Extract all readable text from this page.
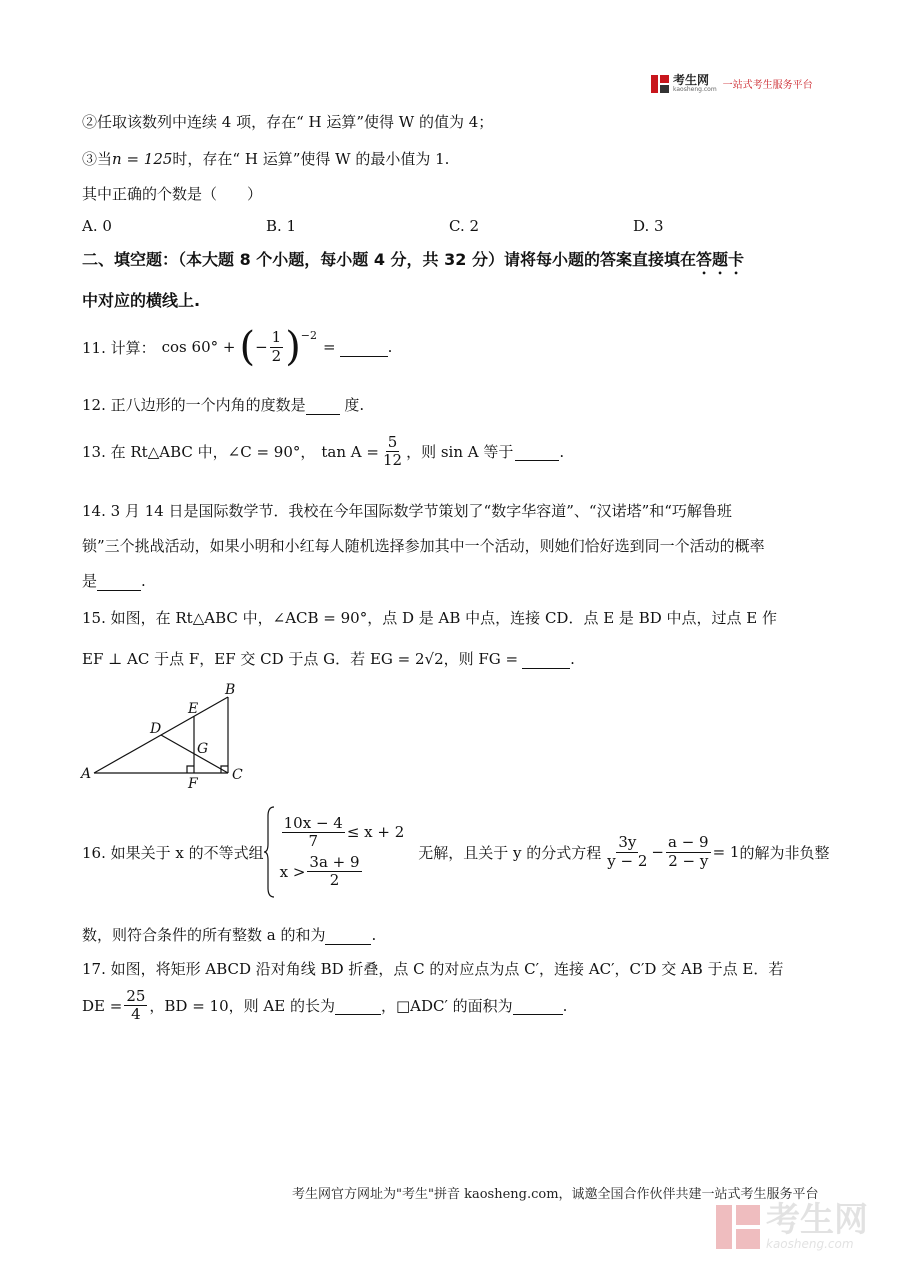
考生网
kaosheng.com 一站式考生服务平台
②任取该数列中连续 4 项，存在“ H 运算”使得 W 的值为 4；
③当n = 125时，存在“ H 运算”使得 W 的最小值为 1.
其中正确的个数是（　　）
A. 0	B. 1	C. 2	D. 3
二、填空题：（本大题 8 个小题，每小题 4 分，共 32 分）请将每小题的答案直接填在答题卡
中对应的横线上.
11. 计算： cos 60° + ( − $\frac{1}{2}$ ) −2
=
	.
12. 正八边形的一个内角的度数是	度.
13. 在 Rt△ABC 中， ∠C = 90°， $\tan A = \frac{5}{12}$ ，则 sin A 等于
	.
14. 3 月 14 日是国际数学节．我校在今年国际数学节策划了“数字华容道”、“汉诺塔”和“巧解鲁班
锁”三个挑战活动，如果小明和小红每人随机选择参加其中一个活动，则她们恰好选到同一个活动的概率
是	.
15. 如图，在 Rt△ABC 中，∠ACB = 90°，点 D 是 AB 中点，连接 CD．点 E 是 BD 中点，过点 E 作
EF ⊥ AC 于点 F，EF 交 CD 于点 G．若 EG = 2√2，则 FG =	.
A
B
C
D
E
F
G
16. 如果关于 x 的不等式组
$\frac{10x - 4}{7} \le x + 2$
$x > \frac{3a + 9}{2}$
无解，且关于 y 的分式方程 $\frac{3y}{y - 2} - \frac{a - 9}{2 - y} = 1$ 的解为非负整
数，则符合条件的所有整数 a 的和为	.
17. 如图，将矩形 ABCD 沿对角线 BD 折叠，点 C 的对应点为点 C′，连接 AC′，C′D 交 AB 于点 E．若
DE = $\frac{25}{4}$ ，BD = 10，则 AE 的长为
	，□ADC′ 的面积为
	.
考生网官方网址为"考生"拼音 kaosheng.com，诚邀全国合作伙伴共建一站式考生服务平台
考生网
kaosheng.com
